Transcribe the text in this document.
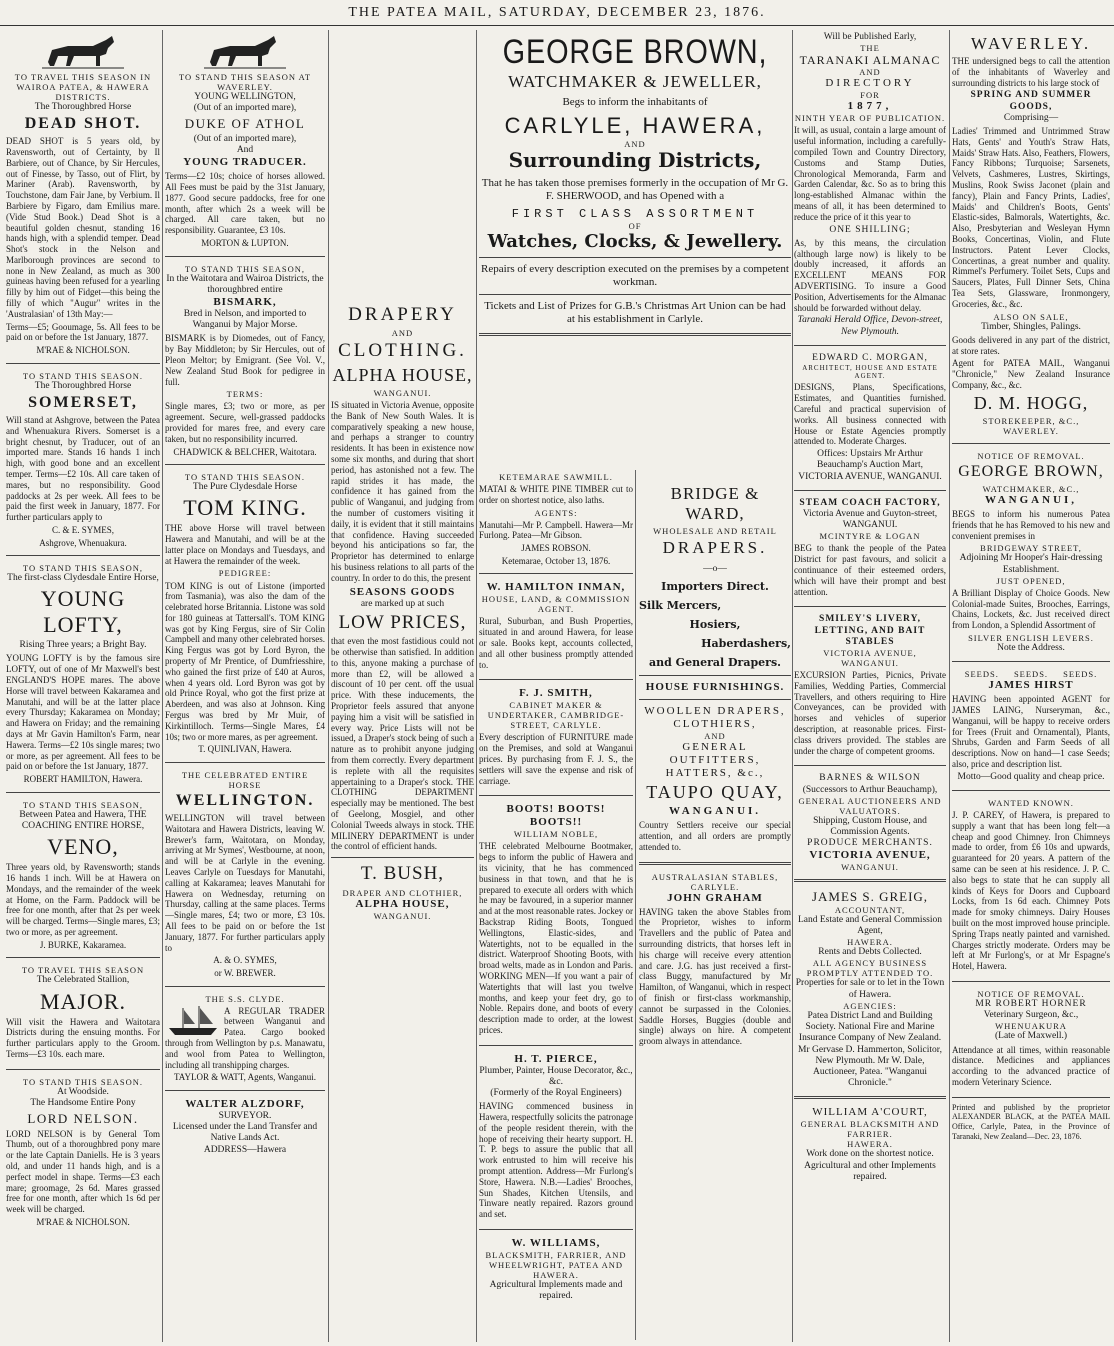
THE PATEA MAIL, SATURDAY, DECEMBER 23, 1876.
TO TRAVEL THIS SEASON IN WAIROA PATEA, & HAWERA DISTRICTS.
The Thoroughbred Horse
DEAD SHOT.
DEAD SHOT is 5 years old, by Ravensworth, out of Certainty, by Il Barbiere, out of Chance, by Sir Hercules, out of Finesse, by Tasso, out of Flirt, by Mariner (Arab). Ravensworth, by Touchstone, dam Fair Jane, by Verbium. Il Barbiere by Figaro, dam Emilius mare. (Vide Stud Book.) Dead Shot is a beautiful golden chesnut, standing 16 hands high, with a splendid temper. Dead Shot's stock in the Nelson and Marlborough provinces are second to none in New Zealand, as much as 300 guineas having been refused for a yearling filly by him out of Fidget—this being the filly of which "Augur" writes in the 'Australasian' of 13th May:—
Terms—£5; Gooumage, 5s. All fees to be paid on or before the 1st January, 1877.
M'RAE & NICHOLSON.
TO STAND THIS SEASON.
The Thoroughbred Horse
SOMERSET,
Will stand at Ashgrove, between the Patea and Whenuakura Rivers. Somerset is a bright chesnut, by Traducer, out of an imported mare. Stands 16 hands 1 inch high, with good bone and an excellent temper. Terms—£2 10s. All care taken of mares, but no responsibility. Good paddocks at 2s per week. All fees to be paid the first week in January, 1877. For further particulars apply to
C. & E. SYMES,
Ashgrove, Whenuakura.
TO STAND THIS SEASON,
The first-class Clydesdale Entire Horse,
YOUNG LOFTY,
Rising Three years; a Bright Bay.
YOUNG LOFTY is by the famous sire LOFTY, out of one of Mr Maxwell's best ENGLAND'S HOPE mares. The above Horse will travel between Kakaramea and Manutahi, and will be at the latter place every Thursday; Kakaramea on Monday; and Hawera on Friday; and the remaining days at Mr Gavin Hamilton's Farm, near Hawera. Terms—£2 10s single mares; two or more, as per agreement. All fees to be paid on or before the 1st January, 1877.
ROBERT HAMILTON, Hawera.
TO STAND THIS SEASON,
Between Patea and Hawera, THE COACHING ENTIRE HORSE,
VENO,
Three years old, by Ravensworth; stands 16 hands 1 inch. Will be at Hawera on Mondays, and the remainder of the week at Home, on the Farm. Paddock will be free for one month, after that 2s per week will be charged. Terms—Single mares, £3; two or more, as per agreement.
J. BURKE, Kakaramea.
TO TRAVEL THIS SEASON
The Celebrated Stallion,
MAJOR.
Will visit the Hawera and Waitotara Districts during the ensuing months. For further particulars apply to the Groom. Terms—£3 10s. each mare.
TO STAND THIS SEASON.
At Woodside.
The Handsome Entire Pony
LORD NELSON.
LORD NELSON is by General Tom Thumb, out of a thoroughbred pony mare or the late Captain Daniells. He is 3 years old, and under 11 hands high, and is a perfect model in shape. Terms—£3 each mare; groomage, 2s 6d. Mares grassed free for one month, after which 1s 6d per week will be charged.
M'RAE & NICHOLSON.
TO STAND THIS SEASON AT WAVERLEY.
YOUNG WELLINGTON,
(Out of an imported mare),
DUKE OF ATHOL
(Out of an imported mare),
And
YOUNG TRADUCER.
Terms—£2 10s; choice of horses allowed. All Fees must be paid by the 31st January, 1877. Good secure paddocks, free for one month, after which 2s a week will be charged. All care taken, but no responsibility. Guarantee, £3 10s.
MORTON & LUPTON.
TO STAND THIS SEASON,
In the Waitotara and Wairoa Districts, the thoroughbred entire
BISMARK,
Bred in Nelson, and imported to Wanganui by Major Morse.
BISMARK is by Diomedes, out of Fancy, by Bay Middleton; by Sir Hercules, out of Pleon Meltor; by Emigrant. (See Vol. V., New Zealand Stud Book for pedigree in full.
TERMS:
Single mares, £3; two or more, as per agreement. Secure, well-grassed paddocks provided for mares free, and every care taken, but no responsibility incurred.
CHADWICK & BELCHER, Waitotara.
TO STAND THIS SEASON.
The Pure Clydesdale Horse
TOM KING.
THE above Horse will travel between Hawera and Manutahi, and will be at the latter place on Mondays and Tuesdays, and at Hawera the remainder of the week.
PEDIGREE:
TOM KING is out of Listone (imported from Tasmania), was also the dam of the celebrated horse Britannia. Listone was sold for 180 guineas at Tattersall's. TOM KING was got by King Fergus, sire of Sir Colin Campbell and many other celebrated horses. King Fergus was got by Lord Byron, the property of Mr Prentice, of Dumfriesshire, who gained the first prize of £40 at Auros, when 4 years old. Lord Byron was got by old Prince Royal, who got the first prize at Aberdeen, and was also at Johnson. King Fergus was bred by Mr Muir, of Kirkintilloch. Terms—Single Mares, £4 10s; two or more mares, as per agreement.
T. QUINLIVAN, Hawera.
THE CELEBRATED ENTIRE HORSE
WELLINGTON.
WELLINGTON will travel between Waitotara and Hawera Districts, leaving W. Brewer's farm, Waitotara, on Monday, arriving at Mr Symes', Westbourne, at noon, and will be at Carlyle in the evening. Leaves Carlyle on Tuesdays for Manutahi, calling at Kakaramea; leaves Manutahi for Hawera on Wednesday, returning on Thursday, calling at the same places. Terms—Single mares, £4; two or more, £3 10s. All fees to be paid on or before the 1st January, 1877. For further particulars apply to
A. & O. SYMES,
or W. BREWER.
THE S.S. CLYDE.
A REGULAR TRADER between Wanganui and Patea. Cargo booked through from Wellington by p.s. Manawatu, and wool from Patea to Wellington, including all transhipping charges.
TAYLOR & WATT, Agents, Wanganui.
WALTER ALZDORF,
SURVEYOR.
Licensed under the Land Transfer and Native Lands Act.
ADDRESS—Hawera
DRAPERY
AND
CLOTHING.
ALPHA HOUSE,
WANGANUI.
IS situated in Victoria Avenue, opposite the Bank of New South Wales. It is comparatively speaking a new house, and perhaps a stranger to country residents. It has been in existence now some six months, and during that short period, has astonished not a few. The rapid strides it has made, the confidence it has gained from the public of Wanganui, and judging from the number of customers visiting it daily, it is evident that it still maintains that confidence. Having succeeded beyond his anticipations so far, the Proprietor has determined to enlarge his business relations to all parts of the country. In order to do this, the present
SEASONS GOODS
are marked up at such
LOW PRICES,
that even the most fastidious could not be otherwise than satisfied. In addition to this, anyone making a purchase of more than £2, will be allowed a discount of 10 per cent. off the usual price. With these inducements, the Proprietor feels assured that anyone paying him a visit will be satisfied in every way. Price Lists will not be issued, a Draper's stock being of such a nature as to prohibit anyone judging from them correctly. Every department is replete with all the requisites appertaining to a Draper's stock. THE CLOTHING DEPARTMENT especially may be mentioned. The best of Geelong, Mosgiel, and other Colonial Tweeds always in stock. THE MILINERY DEPARTMENT is under the control of efficient hands.
T. BUSH,
DRAPER AND CLOTHIER,
ALPHA HOUSE,
WANGANUI.
GEORGE BROWN,
WATCHMAKER & JEWELLER,
Begs to inform the inhabitants of
CARLYLE, HAWERA,
AND
Surrounding Districts,
That he has taken those premises formerly in the occupation of Mr G. F. SHERWOOD, and has Opened with a
FIRST CLASS ASSORTMENT
OF
Watches, Clocks, & Jewellery.
Repairs of every description executed on the premises by a competent workman.
Tickets and List of Prizes for G.B.'s Christmas Art Union can be had at his establishment in Carlyle.
KETEMARAE SAWMILL.
MATAI & WHITE PINE TIMBER cut to order on shortest notice, also laths.
AGENTS:
Manutahi—Mr P. Campbell. Hawera—Mr Furlong. Patea—Mr Gibson.
JAMES ROBSON.
Ketemarae, October 13, 1876.
W. HAMILTON INMAN,
HOUSE, LAND, & COMMISSION AGENT.
Rural, Suburban, and Bush Properties, situated in and around Hawera, for lease or sale. Books kept, accounts collected, and all other business promptly attended to.
F. J. SMITH,
CABINET MAKER & UNDERTAKER, CAMBRIDGE-STREET, CARLYLE.
Every description of FURNITURE made on the Premises, and sold at Wanganui prices. By purchasing from F. J. S., the settlers will save the expense and risk of carriage.
BOOTS! BOOTS! BOOTS!!
WILLIAM NOBLE,
THE celebrated Melbourne Bootmaker, begs to inform the public of Hawera and its vicinity, that he has commenced business in that town, and that he is prepared to execute all orders with which he may be favoured, in a superior manner and at the most reasonable rates. Jockey or Backstrap Riding Boots, Tongued Wellingtons, Elastic-sides, and Watertights, not to be equalled in the district. Waterproof Shooting Boots, with broad welts, made as in London and Paris. WORKING MEN—If you want a pair of Watertights that will last you twelve months, and keep your feet dry, go to Noble. Repairs done, and boots of every description made to order, at the lowest prices.
H. T. PIERCE,
Plumber, Painter, House Decorator, &c., &c.
(Formerly of the Royal Engineers)
HAVING commenced business in Hawera, respectfully solicits the patronage of the people resident therein, with the hope of receiving their hearty support. H. T. P. begs to assure the public that all work entrusted to him will receive his prompt attention. Address—Mr Furlong's Store, Hawera. N.B.—Ladies' Brooches, Sun Shades, Kitchen Utensils, and Tinware neatly repaired. Razors ground and set.
W. WILLIAMS,
BLACKSMITH, FARRIER, AND WHEELWRIGHT, PATEA AND HAWERA.
Agricultural Implements made and repaired.
BRIDGE & WARD,
WHOLESALE AND RETAIL
DRAPERS.
—o—
Importers Direct.
Silk Mercers,
Hosiers,
Haberdashers,
and General Drapers.
HOUSE FURNISHINGS.
WOOLLEN DRAPERS,
CLOTHIERS,
AND
GENERAL OUTFITTERS,
HATTERS, &c.,
TAUPO QUAY,
WANGANUI.
Country Settlers receive our special attention, and all orders are promptly attended to.
AUSTRALASIAN STABLES,
CARLYLE.
JOHN GRAHAM
HAVING taken the above Stables from the Proprietor, wishes to inform Travellers and the public of Patea and surrounding districts, that horses left in his charge will receive every attention and care. J.G. has just received a first-class Buggy, manufactured by Mr Hamilton, of Wanganui, which in respect of finish or first-class workmanship, cannot be surpassed in the Colonies. Saddle Horses, Buggies (double and single) always on hire. A competent groom always in attendance.
Will be Published Early,
THE
TARANAKI ALMANAC
AND
DIRECTORY
FOR
1877,
NINTH YEAR OF PUBLICATION.
It will, as usual, contain a large amount of useful information, including a carefully-compiled Town and Country Directory, Customs and Stamp Duties, Chronological Memoranda, Farm and Garden Calendar, &c. So as to bring this long-established Almanac within the means of all, it has been determined to reduce the price of it this year to
ONE SHILLING;
As, by this means, the circulation (although large now) is likely to be doubly increased, it affords an EXCELLENT MEANS FOR ADVERTISING. To insure a Good Position, Advertisements for the Almanac should be forwarded without delay.
Taranaki Herald Office, Devon-street, New Plymouth.
EDWARD C. MORGAN,
ARCHITECT, HOUSE AND ESTATE AGENT.
DESIGNS, Plans, Specifications, Estimates, and Quantities furnished. Careful and practical supervision of works. All business connected with House or Estate Agencies promptly attended to. Moderate Charges.
Offices: Upstairs Mr Arthur Beauchamp's Auction Mart, VICTORIA AVENUE, WANGANUI.
STEAM COACH FACTORY,
Victoria Avenue and Guyton-street, WANGANUI.
MCINTYRE & LOGAN
BEG to thank the people of the Patea District for past favours, and solicit a continuance of their esteemed orders, which will have their prompt and best attention.
SMILEY'S LIVERY, LETTING, AND BAIT STABLES
VICTORIA AVENUE, WANGANUI.
EXCURSION Parties, Picnics, Private Families, Wedding Parties, Commercial Travellers, and others requiring to Hire Conveyances, can be provided with horses and vehicles of superior description, at reasonable prices. First-class drivers provided. The stables are under the charge of competent grooms.
BARNES & WILSON
(Successors to Arthur Beauchamp),
GENERAL AUCTIONEERS AND VALUATORS.
Shipping, Custom House, and Commission Agents.
PRODUCE MERCHANTS.
VICTORIA AVENUE,
WANGANUI.
JAMES S. GREIG,
ACCOUNTANT,
Land Estate and General Commission Agent,
HAWERA.
Rents and Debts Collected.
ALL AGENCY BUSINESS PROMPTLY ATTENDED TO.
Properties for sale or to let in the Town of Hawera.
AGENCIES:
Patea District Land and Building Society. National Fire and Marine Insurance Company of New Zealand. Mr Gervase D. Hammerton, Solicitor, New Plymouth. Mr W. Dale, Auctioneer, Patea. "Wanganui Chronicle."
WILLIAM A'COURT,
GENERAL BLACKSMITH AND FARRIER.
HAWERA.
Work done on the shortest notice. Agricultural and other Implements repaired.
WAVERLEY.
THE undersigned begs to call the attention of the inhabitants of Waverley and surrounding districts to his large stock of
SPRING AND SUMMER GOODS,
Comprising—
Ladies' Trimmed and Untrimmed Straw Hats, Gents' and Youth's Straw Hats, Maids' Straw Hats. Also, Feathers, Flowers, Fancy Ribbons; Turquoise; Sarsenets, Velvets, Cashmeres, Lustres, Skirtings, Muslins, Rook Swiss Jaconet (plain and fancy), Plain and Fancy Prints, Ladies', Maids' and Children's Boots, Gents' Elastic-sides, Balmorals, Watertights, &c. Also, Presbyterian and Wesleyan Hymn Books, Concertinas, Violin, and Flute Instructors. Patent Lever Clocks, Concertinas, a great number and quality. Rimmel's Perfumery. Toilet Sets, Cups and Saucers, Plates, Full Dinner Sets, China Tea Sets, Glassware, Ironmongery, Groceries, &c., &c.
ALSO ON SALE,
Timber, Shingles, Palings.
Goods delivered in any part of the district, at store rates.
Agent for PATEA MAIL, Wanganui "Chronicle," New Zealand Insurance Company, &c., &c.
D. M. HOGG,
STOREKEEPER, &C.,
WAVERLEY.
NOTICE OF REMOVAL.
GEORGE BROWN,
WATCHMAKER, &C.,
WANGANUI,
BEGS to inform his numerous Patea friends that he has Removed to his new and convenient premises in
BRIDGEWAY STREET,
Adjoining Mr Hooper's Hair-dressing Establishment.
JUST OPENED,
A Brilliant Display of Choice Goods. New Colonial-made Suites, Brooches, Earrings, Chains, Lockets, &c. Just received direct from London, a Splendid Assortment of
SILVER ENGLISH LEVERS.
Note the Address.
SEEDS. SEEDS. SEEDS.
JAMES HIRST
HAVING been appointed AGENT for JAMES LAING, Nurseryman, &c., Wanganui, will be happy to receive orders for Trees (Fruit and Ornamental), Plants, Shrubs, Garden and Farm Seeds of all descriptions. Now on hand—1 case Seeds; also, price and description list.
Motto—Good quality and cheap price.
WANTED KNOWN.
J. P. CAREY, of Hawera, is prepared to supply a want that has been long felt—a cheap and good Chimney. Iron Chimneys made to order, from £6 10s and upwards, guaranteed for 20 years. A pattern of the same can be seen at his residence. J. P. C. also begs to state that he can supply all kinds of Keys for Doors and Cupboard Locks, from 1s 6d each. Chimney Pots made for smoky chimneys. Dairy Houses built on the most improved house principle. Spring Traps neatly painted and varnished. Charges strictly moderate. Orders may be left at Mr Furlong's, or at Mr Espagne's Hotel, Hawera.
NOTICE OF REMOVAL.
MR ROBERT HORNER
Veterinary Surgeon, &c.,
WHENUAKURA
(Late of Maxwell.)
Attendance at all times, within reasonable distance. Medicines and appliances according to the advanced practice of modern Veterinary Science.
Printed and published by the proprietor ALEXANDER BLACK, at the PATEA MAIL Office, Carlyle, Patea, in the Province of Taranaki, New Zealand—Dec. 23, 1876.
